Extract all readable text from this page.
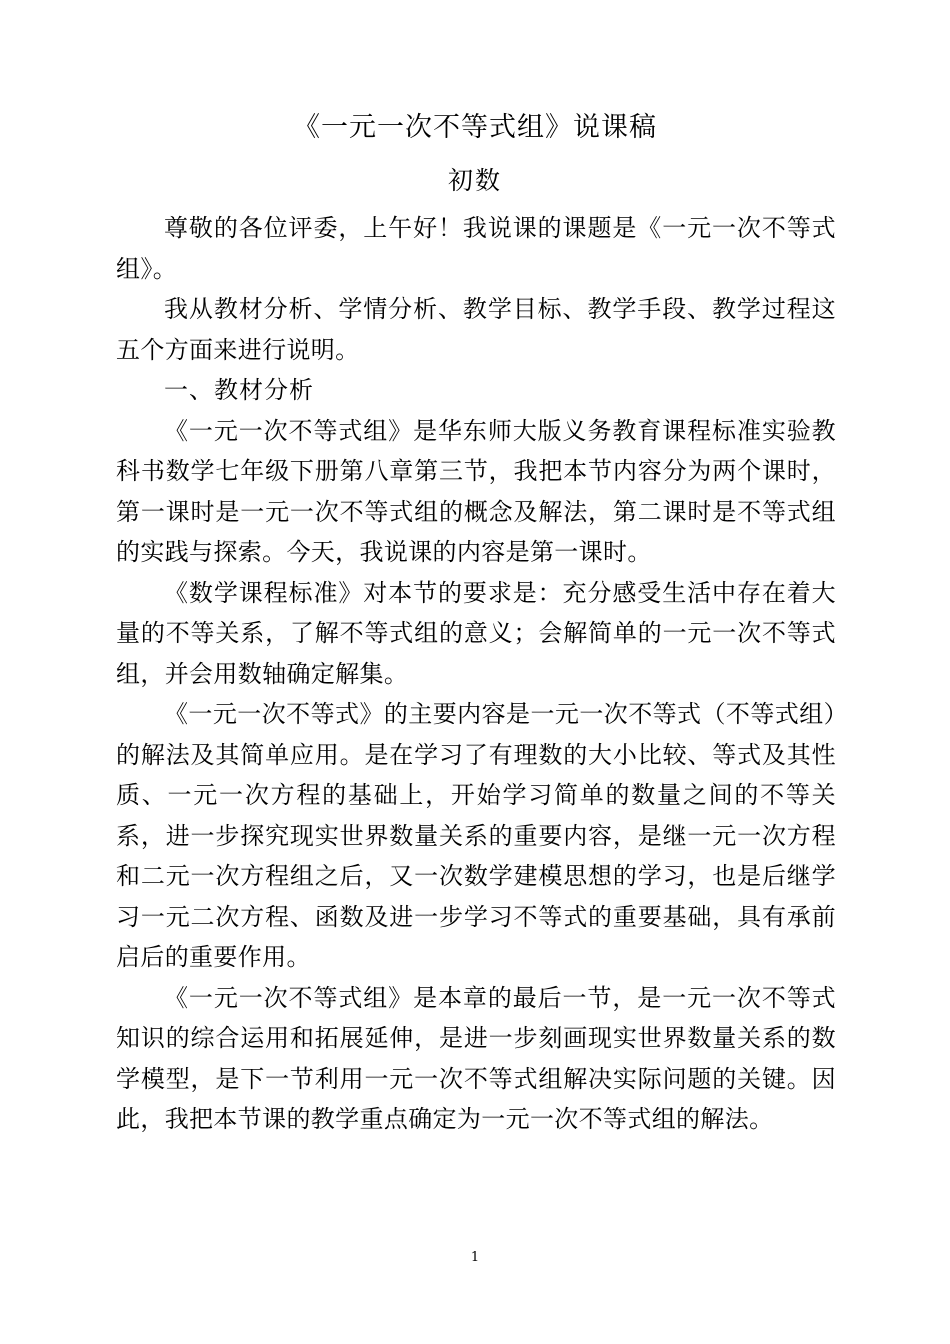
《一元一次不等式组》说课稿
初数

尊敬的各位评委，上午好！我说课的课题是《一元一次不等式组》。

我从教材分析、学情分析、教学目标、教学手段、教学过程这五个方面来进行说明。

一、教材分析

《一元一次不等式组》是华东师大版义务教育课程标准实验教科书数学七年级下册第八章第三节，我把本节内容分为两个课时，第一课时是一元一次不等式组的概念及解法，第二课时是不等式组的实践与探索。今天，我说课的内容是第一课时。

《数学课程标准》对本节的要求是：充分感受生活中存在着大量的不等关系，了解不等式组的意义；会解简单的一元一次不等式组，并会用数轴确定解集。

《一元一次不等式》的主要内容是一元一次不等式（不等式组）的解法及其简单应用。是在学习了有理数的大小比较、等式及其性质、一元一次方程的基础上，开始学习简单的数量之间的不等关系，进一步探究现实世界数量关系的重要内容，是继一元一次方程和二元一次方程组之后，又一次数学建模思想的学习，也是后继学习一元二次方程、函数及进一步学习不等式的重要基础，具有承前启后的重要作用。

《一元一次不等式组》是本章的最后一节，是一元一次不等式知识的综合运用和拓展延伸，是进一步刻画现实世界数量关系的数学模型，是下一节利用一元一次不等式组解决实际问题的关键。因此，我把本节课的教学重点确定为一元一次不等式组的解法。

1
